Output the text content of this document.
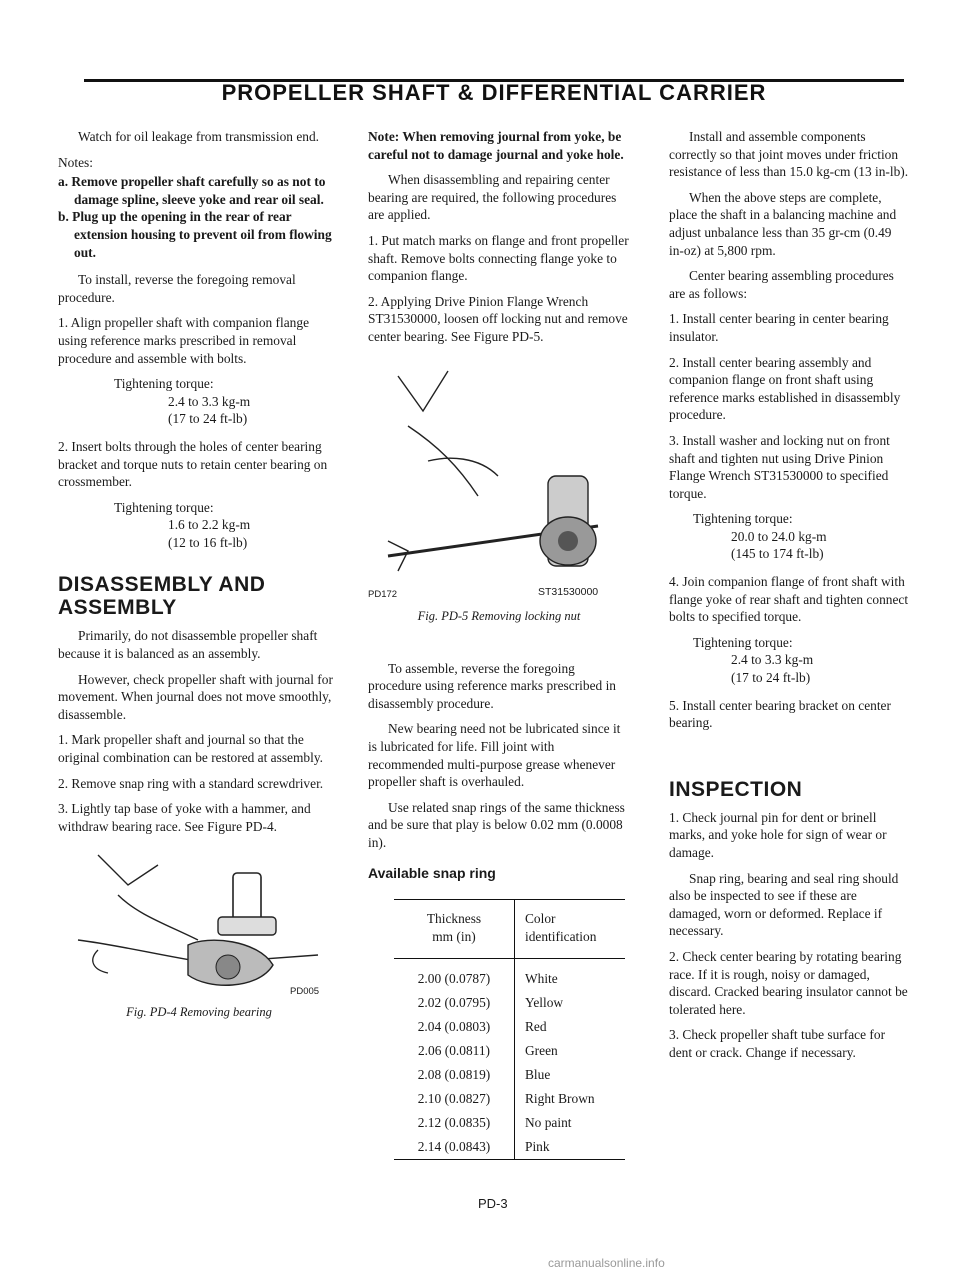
PROPELLER SHAFT & DIFFERENTIAL CARRIER

Watch for oil leakage from transmission end.

Notes:

a. Remove propeller shaft carefully so as not to damage spline, sleeve yoke and rear oil seal.

b. Plug up the opening in the rear of rear extension housing to prevent oil from flowing out.

To install, reverse the foregoing removal procedure.

1. Align propeller shaft with companion flange using reference marks prescribed in removal procedure and assemble with bolts.

Tightening torque:
2.4 to 3.3 kg-m
(17 to 24 ft-lb)

2. Insert bolts through the holes of center bearing bracket and torque nuts to retain center bearing on crossmember.

Tightening torque:
1.6 to 2.2 kg-m
(12 to 16 ft-lb)
DISASSEMBLY AND
ASSEMBLY

Primarily, do not disassemble propeller shaft because it is balanced as an assembly.

However, check propeller shaft with journal for movement. When journal does not move smoothly, disassemble.

1. Mark propeller shaft and journal so that the original combination can be restored at assembly.

2. Remove snap ring with a standard screwdriver.

3. Lightly tap base of yoke with a hammer, and withdraw bearing race. See Figure PD-4.

PD005
Fig. PD-4 Removing bearing

Note: When removing journal from yoke, be careful not to damage journal and yoke hole.

When disassembling and repairing center bearing are required, the following procedures are applied.

1. Put match marks on flange and front propeller shaft. Remove bolts connecting flange yoke to companion flange.

2. Applying Drive Pinion Flange Wrench ST31530000, loosen off locking nut and remove center bearing. See Figure PD-5.

PD172	ST31530000
Fig. PD-5 Removing locking nut

To assemble, reverse the foregoing procedure using reference marks prescribed in disassembly procedure.

New bearing need not be lubricated since it is lubricated for life. Fill joint with recommended multi-purpose grease whenever propeller shaft is overhauled.

Use related snap rings of the same thickness and be sure that play is below 0.02 mm (0.0008 in).

Available snap ring

Thickness
mm (in)	Color
identification
2.00 (0.0787)	White
2.02 (0.0795)	Yellow
2.04 (0.0803)	Red
2.06 (0.0811)	Green
2.08 (0.0819)	Blue
2.10 (0.0827)	Right Brown
2.12 (0.0835)	No paint
2.14 (0.0843)	Pink

Install and assemble components correctly so that joint moves under friction resistance of less than 15.0 kg-cm (13 in-lb).

When the above steps are complete, place the shaft in a balancing machine and adjust unbalance less than 35 gr-cm (0.49 in-oz) at 5,800 rpm.

Center bearing assembling procedures are as follows:

1. Install center bearing in center bearing insulator.

2. Install center bearing assembly and companion flange on front shaft using reference marks established in disassembly procedure.

3. Install washer and locking nut on front shaft and tighten nut using Drive Pinion Flange Wrench ST31530000 to specified torque.

Tightening torque:
20.0 to 24.0 kg-m
(145 to 174 ft-lb)

4. Join companion flange of front shaft with flange yoke of rear shaft and tighten connect bolts to specified torque.

Tightening torque:
2.4 to 3.3 kg-m
(17 to 24 ft-lb)

5. Install center bearing bracket on center bearing.

INSPECTION

1. Check journal pin for dent or brinell marks, and yoke hole for sign of wear or damage.

Snap ring, bearing and seal ring should also be inspected to see if these are damaged, worn or deformed. Replace if necessary.

2. Check center bearing by rotating bearing race. If it is rough, noisy or damaged, discard. Cracked bearing insulator cannot be tolerated here.

3. Check propeller shaft tube surface for dent or crack. Change if necessary.

PD-3
carmanualsonline.info
